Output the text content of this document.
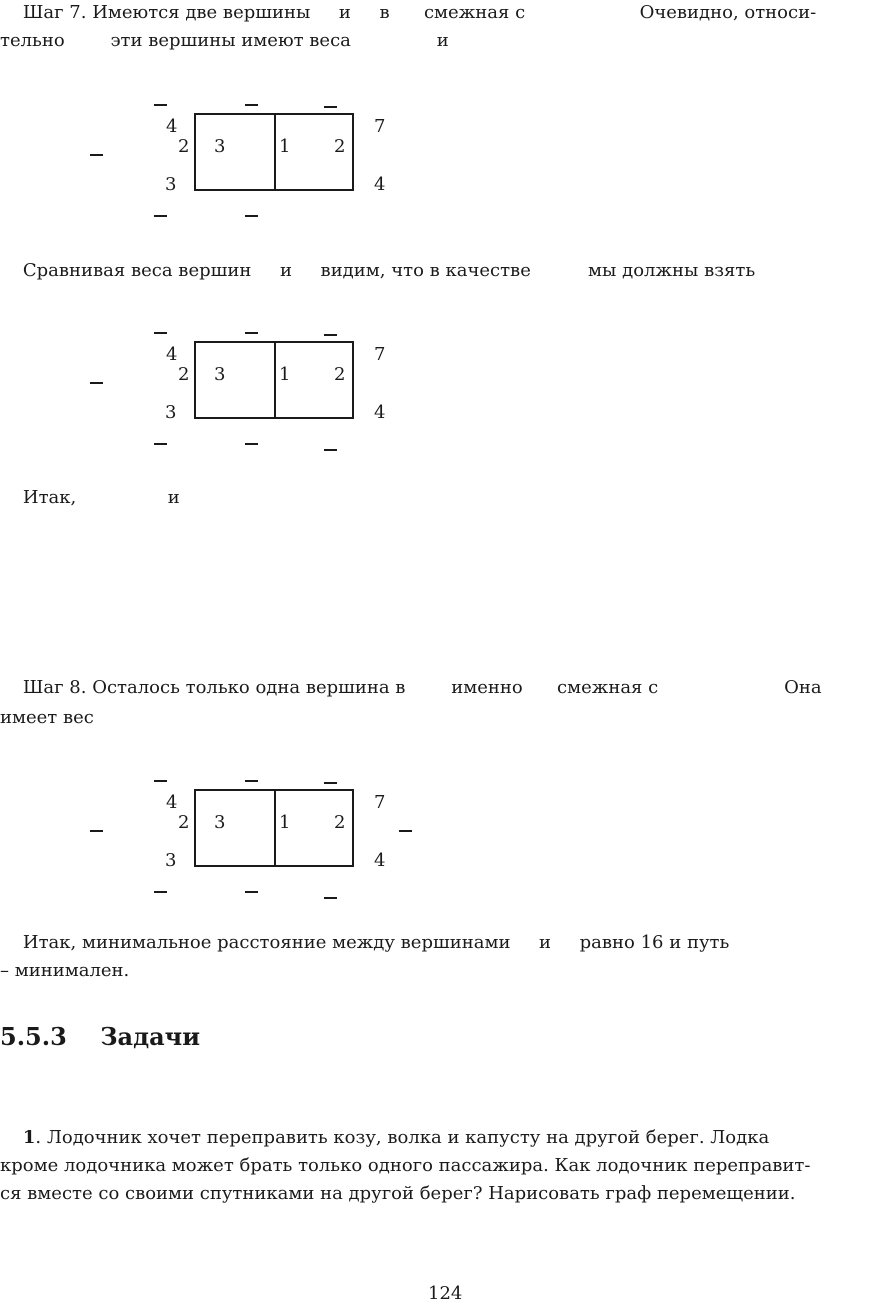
Шаг 7. Имеются две вершины     и     в      смежная с                    Очевидно, относи-
тельно        эти вершины имеют веса               и
4
2
3
7
4
3	1 2
Сравнивая веса вершин     и     видим, что в качестве          мы должны взять
4
2
3
7
4
3	1 2
Итак,                и
Шаг 8. Осталось только одна вершина в        именно      смежная с                      Она
имеет вес
4
2
3
7
4
3	1 2
Итак, минимальное расстояние между вершинами     и     равно 16 и путь
– минимален.
5.5.3 Задачи
1. Лодочник хочет переправить козу, волка и капусту на другой берег. Лодка
кроме лодочника может брать только одного пассажира. Как лодочник переправит-
ся вместе со своими спутниками на другой берег? Нарисовать граф перемещении.
124
